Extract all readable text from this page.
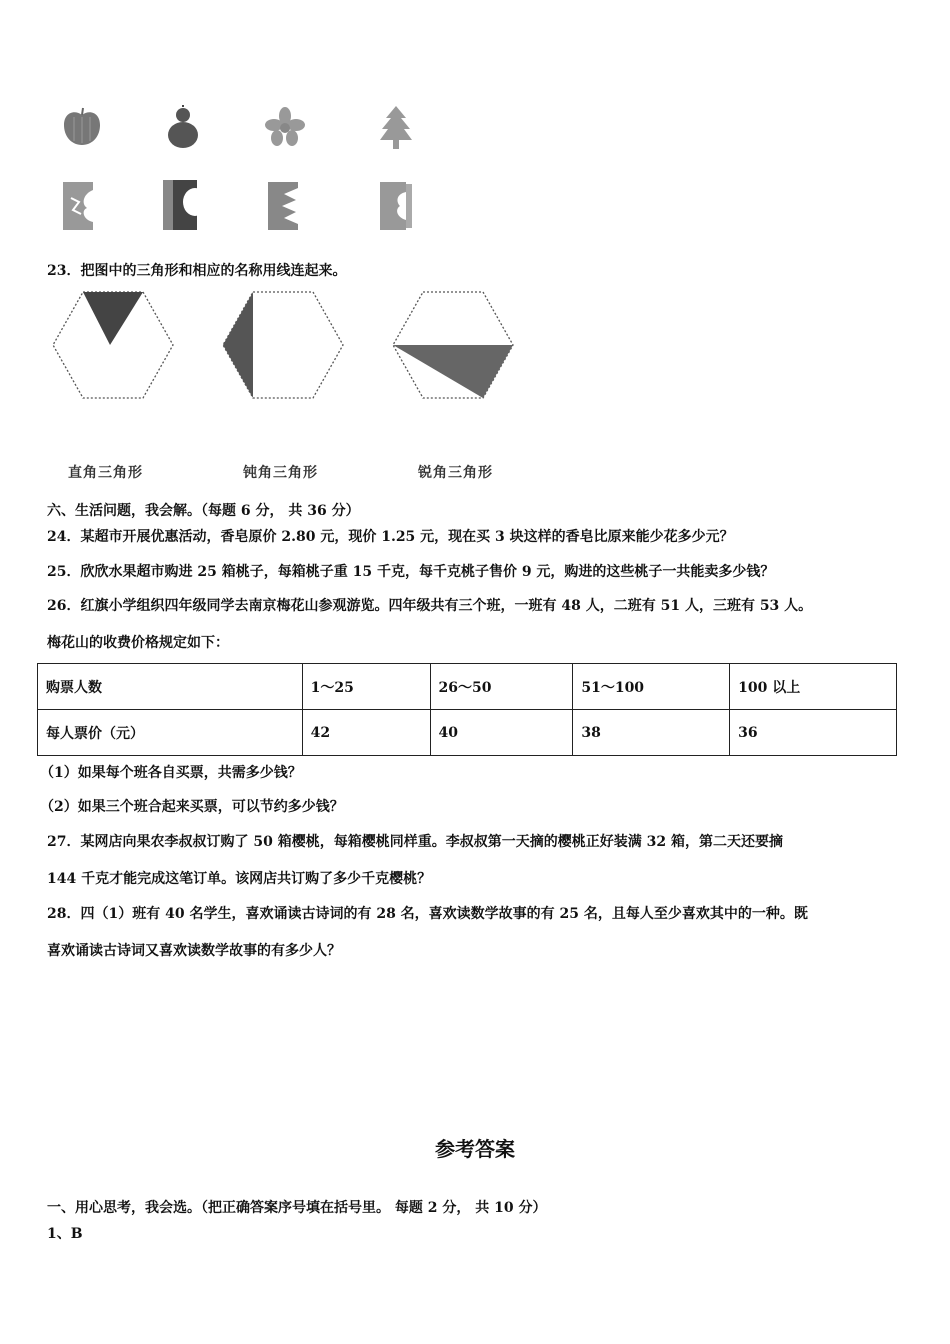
23．把图中的三角形和相应的名称用线连起来。
直角三角形	钝角三角形	锐角三角形
六、生活问题，我会解。（每题 6 分， 共 36 分）
24．某超市开展优惠活动，香皂原价 2.80 元，现价 1.25 元，现在买 3 块这样的香皂比原来能少花多少元？
25．欣欣水果超市购进 25 箱桃子，每箱桃子重 15 千克，每千克桃子售价 9 元，购进的这些桃子一共能卖多少钱？
26．红旗小学组织四年级同学去南京梅花山参观游览。四年级共有三个班，一班有 48 人，二班有 51 人，三班有 53 人。
梅花山的收费价格规定如下：
购票人数	1～25	26～50	51～100	100 以上
每人票价（元）	42	40	38	36
（1）如果每个班各自买票，共需多少钱？
（2）如果三个班合起来买票，可以节约多少钱？
27．某网店向果农李叔叔订购了 50 箱樱桃，每箱樱桃同样重。李叔叔第一天摘的樱桃正好装满 32 箱，第二天还要摘
144 千克才能完成这笔订单。该网店共订购了多少千克樱桃？
28．四（1）班有 40 名学生，喜欢诵读古诗词的有 28 名，喜欢读数学故事的有 25 名，且每人至少喜欢其中的一种。既
喜欢诵读古诗词又喜欢读数学故事的有多少人？
参考答案
一、用心思考，我会选。（把正确答案序号填在括号里。 每题 2 分， 共 10 分）
1、B
